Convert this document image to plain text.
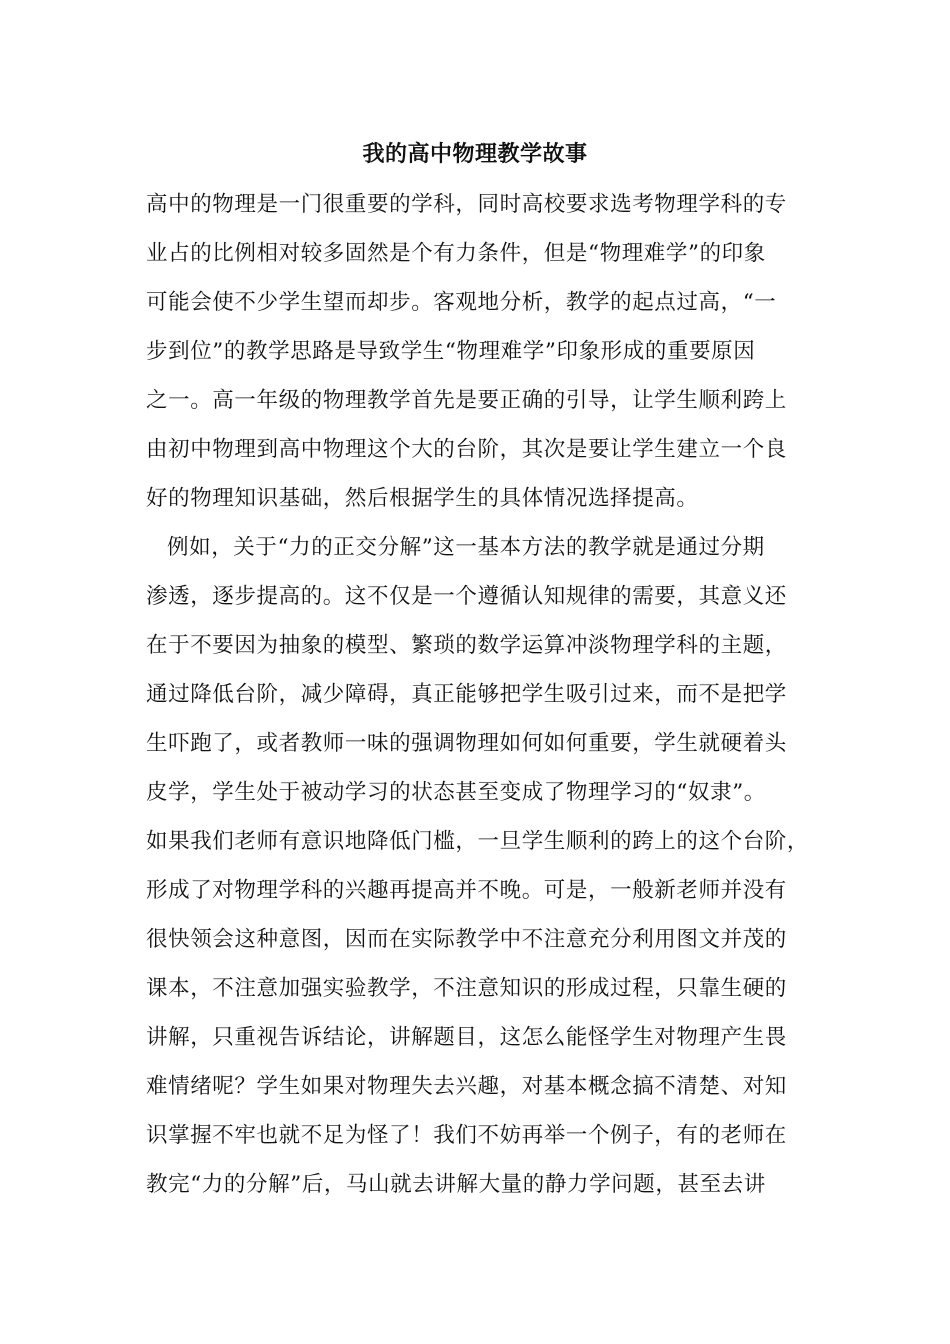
我的高中物理教学故事
高中的物理是一门很重要的学科，同时高校要求选考物理学科的专
业占的比例相对较多固然是个有力条件，但是“物理难学”的印象
可能会使不少学生望而却步。客观地分析，教学的起点过高，“一
步到位”的教学思路是导致学生“物理难学”印象形成的重要原因
之一。高一年级的物理教学首先是要正确的引导，让学生顺利跨上
由初中物理到高中物理这个大的台阶，其次是要让学生建立一个良
好的物理知识基础，然后根据学生的具体情况选择提高。
例如，关于“力的正交分解”这一基本方法的教学就是通过分期
渗透，逐步提高的。这不仅是一个遵循认知规律的需要，其意义还
在于不要因为抽象的模型、繁琐的数学运算冲淡物理学科的主题，
通过降低台阶，减少障碍，真正能够把学生吸引过来，而不是把学
生吓跑了，或者教师一味的强调物理如何如何重要，学生就硬着头
皮学，学生处于被动学习的状态甚至变成了物理学习的“奴隶”。
如果我们老师有意识地降低门槛，一旦学生顺利的跨上的这个台阶，
形成了对物理学科的兴趣再提高并不晚。可是，一般新老师并没有
很快领会这种意图，因而在实际教学中不注意充分利用图文并茂的
课本，不注意加强实验教学，不注意知识的形成过程，只靠生硬的
讲解，只重视告诉结论，讲解题目，这怎么能怪学生对物理产生畏
难情绪呢？学生如果对物理失去兴趣，对基本概念搞不清楚、对知
识掌握不牢也就不足为怪了！我们不妨再举一个例子，有的老师在
教完“力的分解”后，马山就去讲解大量的静力学问题，甚至去讲
